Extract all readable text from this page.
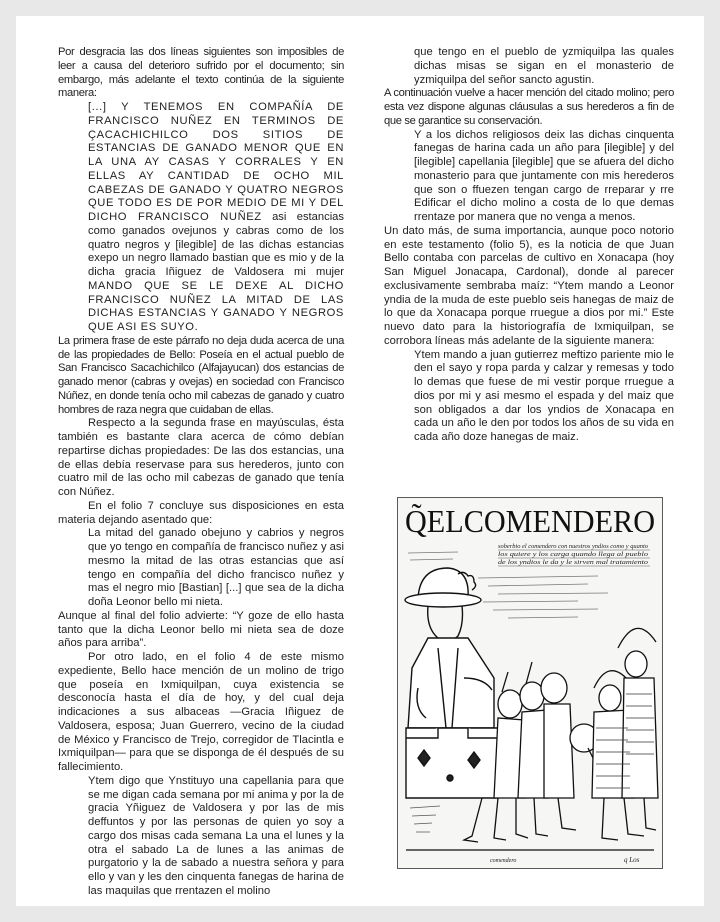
Por desgracia las dos líneas siguientes son imposibles de leer a causa del deterioro sufrido por el documento; sin embargo, más adelante el texto continúa de la siguiente manera:

[...] Y TENEMOS EN COMPAÑÍA DE FRANCISCO NUÑEZ EN TERMINOS DE ÇACACHICHILCO DOS SITIOS DE ESTANCIAS DE GANADO MENOR QUE EN LA UNA AY CASAS Y CORRALES Y EN ELLAS AY CANTIDAD DE OCHO MIL CABEZAS DE GANADO Y QUATRO NEGROS QUE TODO ES DE POR MEDIO DE MI Y DEL DICHO FRANCISCO NUÑEZ asi estancias como ganados ovejunos y cabras como de los quatro negros y [ilegible] de las dichas estancias exepo un negro llamado bastian que es mio y de la dicha gracia Iñiguez de Valdosera mi mujer MANDO QUE SE LE DEXE AL DICHO FRANCISCO NUÑEZ LA MITAD DE LAS DICHAS ESTANCIAS Y GANADO Y NEGROS QUE ASI ES SUYO.

La primera frase de este párrafo no deja duda acerca de una de las propiedades de Bello: Poseía en el actual pueblo de San Francisco Sacachichilco (Alfajayucan) dos estancias de ganado menor (cabras y ovejas) en sociedad con Francisco Núñez, en donde tenía ocho mil cabezas de ganado y cuatro hombres de raza negra que cuidaban de ellas.

Respecto a la segunda frase en mayúsculas, ésta también es bastante clara acerca de cómo debían repartirse dichas propiedades: De las dos estancias, una de ellas debía reservase para sus herederos, junto con cuatro mil de las ocho mil cabezas de ganado que tenía con Núñez.

En el folio 7 concluye sus disposiciones en esta materia dejando asentado que:

La mitad del ganado obejuno y cabrios y negros que yo tengo en compañía de francisco nuñez y asi mesmo la mitad de las otras estancias que así tengo en compañía del dicho francisco nuñez y mas el negro mio [Bastian] [...] que sea de la dicha doña Leonor bello mi nieta.

Aunque al final del folio advierte: “Y goze de ello hasta tanto que la dicha Leonor bello mi nieta sea de doze años para arriba”.

Por otro lado, en el folio 4 de este mismo expediente, Bello hace mención de un molino de trigo que poseía en Ixmiquilpan, cuya existencia se desconocía hasta el día de hoy, y del cual deja indicaciones a sus albaceas —Gracia Iñiguez de Valdosera, esposa; Juan Guerrero, vecino de la ciudad de México y Francisco de Trejo, corregidor de Tlacintla e Ixmiquilpan— para que se disponga de él después de su fallecimiento.

Ytem digo que Ynstituyo una capellania para que se me digan cada semana por mi anima y por la de gracia Yñiguez de Valdosera y por las de mis deffuntos y por las personas de quien yo soy a cargo dos misas cada semana La una el lunes y la otra el sabado La de lunes a las animas de purgatorio y la de sabado a nuestra señora y para ello y van y les den cinquenta fanegas de harina de las maquilas que rrentazen el molino
que tengo en el pueblo de yzmiquilpa las quales dichas misas se sigan en el monasterio de yzmiquilpa del señor sancto agustin.

A continuación vuelve a hacer mención del citado molino; pero esta vez dispone algunas cláusulas a sus herederos a fin de que se garantice su conservación.

Y a los dichos religiosos deix las dichas cinquenta fanegas de harina cada un año para [ilegible] y del [ilegible] capellania [ilegible] que se afuera del dicho monasterio para que juntamente con mis herederos que son o ffuezen tengan cargo de rreparar y rre Edificar el dicho molino a costa de lo que demas rrentaze por manera que no venga a menos.

Un dato más, de suma importancia, aunque poco notorio en este testamento (folio 5), es la noticia de que Juan Bello contaba con parcelas de cultivo en Xonacapa (hoy San Miguel Jonacapa, Cardonal), donde al parecer exclusivamente sembraba maíz: “Ytem mando a Leonor yndia de la muda de este pueblo seis hanegas de maiz de lo que da Xonacapa porque rruegue a dios por mi.” Este nuevo dato para la historiografía de Ixmiquilpan, se corrobora líneas más adelante de la siguiente manera:

Ytem mando a juan gutierrez meftizo pariente mio le den el sayo y ropa parda y calzar y remesas y todo lo demas que fuese de mi vestir porque rruegue a dios por mi y asi mesmo el espada y del maiz que son obligados a dar los yndios de Xonacapa en cada un año le den por todos los años de su vida en cada año doze hanegas de maiz.
Q̃ELCOMENDERO
soberbio el comendero con nuestros yndios como y quanto
los quiere y los carga quando llega al pueblo
de los yndios le da y le sirven mal tratamiento
comendero	q Los
